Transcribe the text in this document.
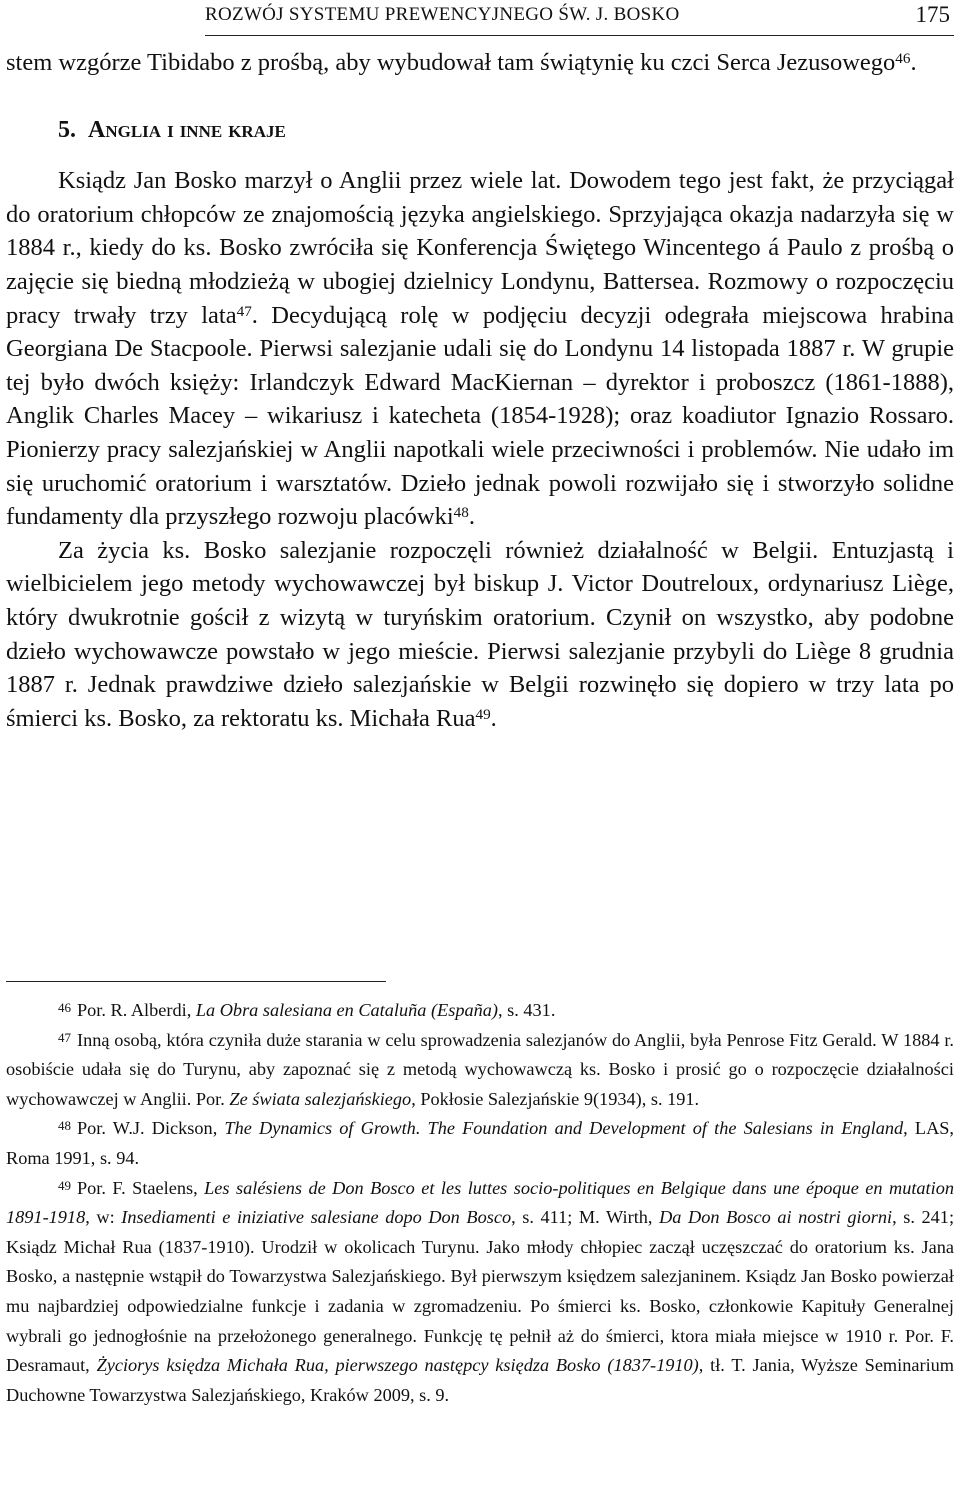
ROZWÓJ SYSTEMU PREWENCYJNEGO ŚW. J. BOSKO	175

stem wzgórze Tibidabo z prośbą, aby wybudował tam świątynię ku czci Serca Jezusowego$^{46}$.

5. Anglia i inne kraje

Ksiądz Jan Bosko marzył o Anglii przez wiele lat. Dowodem tego jest fakt, że przyciągał do oratorium chłopców ze znajomością języka angielskiego. Sprzyjająca okazja nadarzyła się w 1884 r., kiedy do ks. Bosko zwróciła się Konferencja Świętego Wincentego á Paulo z prośbą o zajęcie się biedną młodzieżą w ubogiej dzielnicy Londynu, Battersea. Rozmowy o rozpoczęciu pracy trwały trzy lata$^{47}$. Decydującą rolę w podjęciu decyzji odegrała miejscowa hrabina Georgiana De Stacpoole. Pierwsi salezjanie udali się do Londynu 14 listopada 1887 r. W grupie tej było dwóch księży: Irlandczyk Edward MacKiernan – dyrektor i proboszcz (1861-1888), Anglik Charles Macey – wikariusz i katecheta (1854-1928); oraz koadiutor Ignazio Rossaro. Pionierzy pracy salezjańskiej w Anglii napotkali wiele przeciwności i problemów. Nie udało im się uruchomić oratorium i warsztatów. Dzieło jednak powoli rozwijało się i stworzyło solidne fundamenty dla przyszłego rozwoju placówki$^{48}$.

Za życia ks. Bosko salezjanie rozpoczęli również działalność w Belgii. Entuzjastą i wielbicielem jego metody wychowawczej był biskup J. Victor Doutreloux, ordynariusz Liège, który dwukrotnie gościł z wizytą w turyńskim oratorium. Czynił on wszystko, aby podobne dzieło wychowawcze powstało w jego mieście. Pierwsi salezjanie przybyli do Liège 8 grudnia 1887 r. Jednak prawdziwe dzieło salezjańskie w Belgii rozwinęło się dopiero w trzy lata po śmierci ks. Bosko, za rektoratu ks. Michała Rua$^{49}$.

$^{46}$ Por. R. Alberdi, La Obra salesiana en Cataluña (España), s. 431.

$^{47}$ Inną osobą, która czyniła duże starania w celu sprowadzenia salezjanów do Anglii, była Penrose Fitz Gerald. W 1884 r. osobiście udała się do Turynu, aby zapoznać się z metodą wychowawczą ks. Bosko i prosić go o rozpoczęcie działalności wychowawczej w Anglii. Por. Ze świata salezjańskiego, Pokłosie Salezjańskie 9(1934), s. 191.

$^{48}$ Por. W.J. Dickson, The Dynamics of Growth. The Foundation and Development of the Salesians in England, LAS, Roma 1991, s. 94.

$^{49}$ Por. F. Staelens, Les salésiens de Don Bosco et les luttes socio-politiques en Belgique dans une époque en mutation 1891-1918, w: Insediamenti e iniziative salesiane dopo Don Bosco, s. 411; M. Wirth, Da Don Bosco ai nostri giorni, s. 241; Ksiądz Michał Rua (1837-1910). Urodził w okolicach Turynu. Jako młody chłopiec zaczął uczęszczać do oratorium ks. Jana Bosko, a następnie wstąpił do Towarzystwa Salezjańskiego. Był pierwszym księdzem salezjaninem. Ksiądz Jan Bosko powierzał mu najbardziej odpowiedzialne funkcje i zadania w zgromadzeniu. Po śmierci ks. Bosko, członkowie Kapituły Generalnej wybrali go jednogłośnie na przełożonego generalnego. Funkcję tę pełnił aż do śmierci, ktora miała miejsce w 1910 r. Por. F. Desramaut, Życiorys księdza Michała Rua, pierwszego następcy księdza Bosko (1837-1910), tł. T. Jania, Wyższe Seminarium Duchowne Towarzystwa Salezjańskiego, Kraków 2009, s. 9.
